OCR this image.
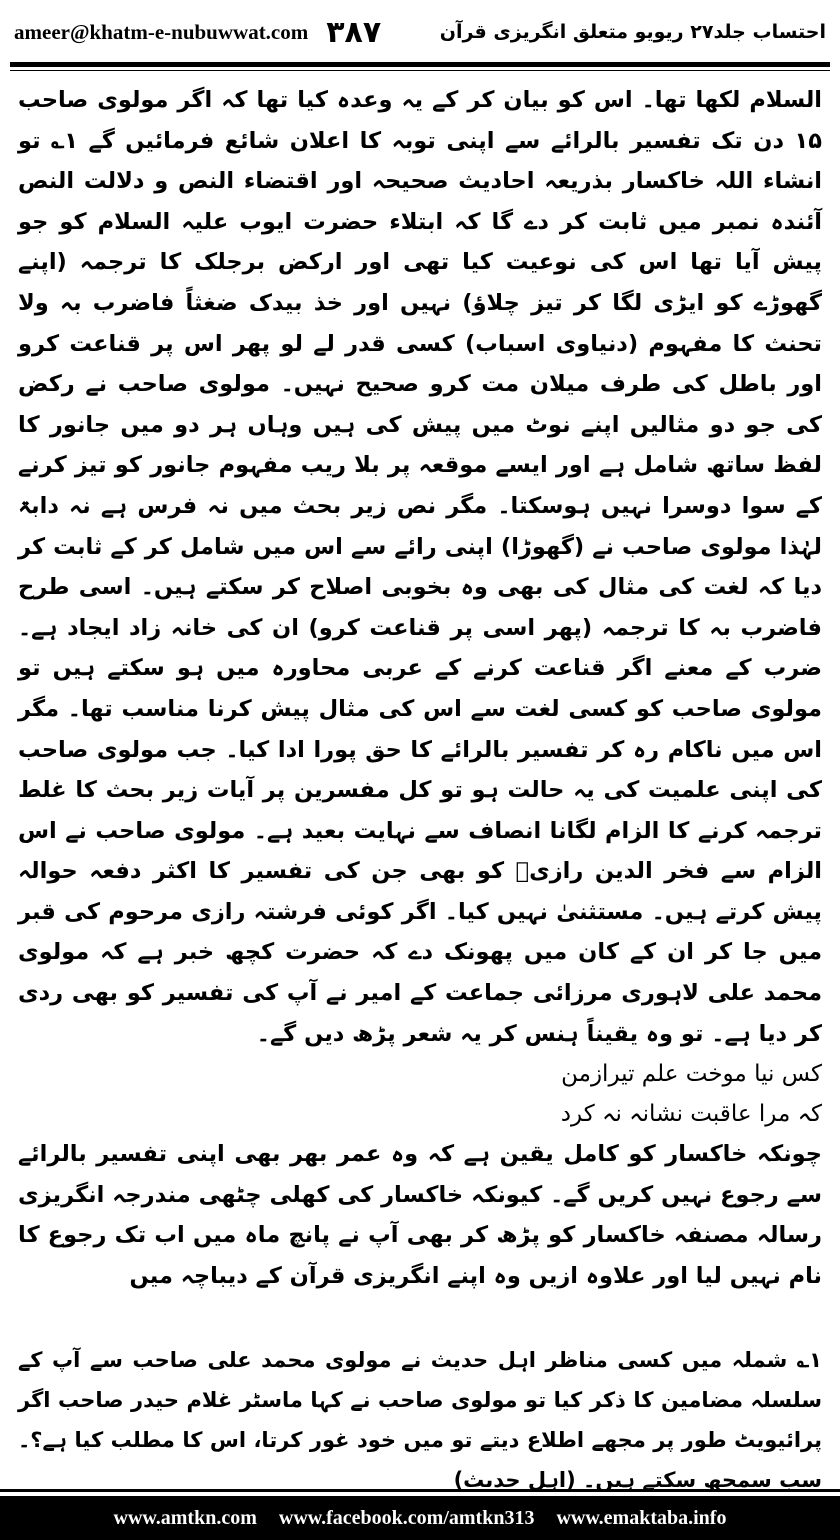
ameer@khatm-e-nubuwwat.com ۳۸۷	احتساب جلد۲۷ ریویو متعلق انگریزی قرآن

السلام لکھا تھا۔ اس کو بیان کر کے یہ وعدہ کیا تھا کہ اگر مولوی صاحب ۱۵ دن تک تفسیر بالرائے سے اپنی توبہ کا اعلان شائع فرمائیں گے ۱؎ تو انشاء اللہ خاکسار بذریعہ احادیث صحیحہ اور اقتضاء النص و دلالت النص آئندہ نمبر میں ثابت کر دے گا کہ ابتلاء حضرت ایوب علیہ السلام کو جو پیش آیا تھا اس کی نوعیت کیا تھی اور ارکض برجلک کا ترجمہ (اپنے گھوڑے کو ایڑی لگا کر تیز چلاؤ) نہیں اور خذ بیدک ضغثاً فاضرب بہ ولا تحنث کا مفہوم (دنیاوی اسباب) کسی قدر لے لو پھر اس پر قناعت کرو اور باطل کی طرف میلان مت کرو صحیح نہیں۔ مولوی صاحب نے رکض کی جو دو مثالیں اپنے نوٹ میں پیش کی ہیں وہاں ہر دو میں جانور کا لفظ ساتھ شامل ہے اور ایسے موقعہ پر بلا ریب مفہوم جانور کو تیز کرنے کے سوا دوسرا نہیں ہوسکتا۔ مگر نص زیر بحث میں نہ فرس ہے نہ دابۃ لہٰذا مولوی صاحب نے (گھوڑا) اپنی رائے سے اس میں شامل کر کے ثابت کر دیا کہ لغت کی مثال کی بھی وہ بخوبی اصلاح کر سکتے ہیں۔ اسی طرح فاضرب بہ کا ترجمہ (پھر اسی پر قناعت کرو) ان کی خانہ زاد ایجاد ہے۔ ضرب کے معنے اگر قناعت کرنے کے عربی محاورہ میں ہو سکتے ہیں تو مولوی صاحب کو کسی لغت سے اس کی مثال پیش کرنا مناسب تھا۔ مگر اس میں ناکام رہ کر تفسیر بالرائے کا حق پورا ادا کیا۔ جب مولوی صاحب کی اپنی علمیت کی یہ حالت ہو تو کل مفسرین پر آیات زیر بحث کا غلط ترجمہ کرنے کا الزام لگانا انصاف سے نہایت بعید ہے۔ مولوی صاحب نے اس الزام سے فخر الدین رازیؒ کو بھی جن کی تفسیر کا اکثر دفعہ حوالہ پیش کرتے ہیں۔ مستثنیٰ نہیں کیا۔ اگر کوئی فرشتہ رازی مرحوم کی قبر میں جا کر ان کے کان میں پھونک دے کہ حضرت کچھ خبر ہے کہ مولوی محمد علی لاہوری مرزائی جماعت کے امیر نے آپ کی تفسیر کو بھی ردی کر دیا ہے۔ تو وہ یقیناً ہنس کر یہ شعر پڑھ دیں گے۔

کس نیا موخت علم تیرازمن
کہ مرا عاقبت نشانہ نہ کرد

چونکہ خاکسار کو کامل یقین ہے کہ وہ عمر بھر بھی اپنی تفسیر بالرائے سے رجوع نہیں کریں گے۔ کیونکہ خاکسار کی کھلی چٹھی مندرجہ انگریزی رسالہ مصنفہ خاکسار کو پڑھ کر بھی آپ نے پانچ ماہ میں اب تک رجوع کا نام نہیں لیا اور علاوہ ازیں وہ اپنے انگریزی قرآن کے دیباچہ میں

۱؎ شملہ میں کسی مناظر اہل حدیث نے مولوی محمد علی صاحب سے آپ کے سلسلہ مضامین کا ذکر کیا تو مولوی صاحب نے کہا ماسٹر غلام حیدر صاحب اگر پرائیویٹ طور پر مجھے اطلاع دیتے تو میں خود غور کرتا، اس کا مطلب کیا ہے؟۔ سب سمجھ سکتے ہیں۔ (اہل حدیث)

www.amtkn.com www.facebook.com/amtkn313 www.emaktaba.info
